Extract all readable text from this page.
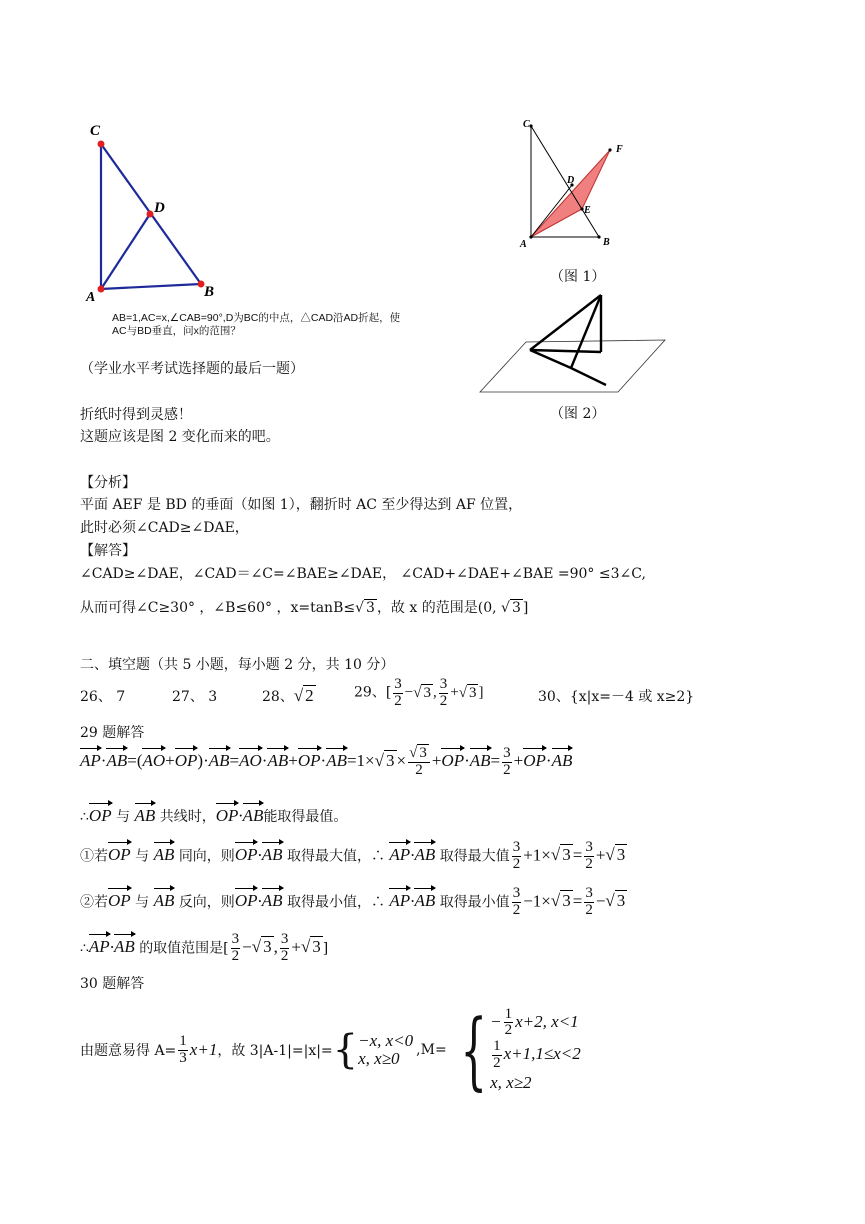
C
D
A	B
AB=1,AC=x,∠CAB=90°,D为BC的中点，△CAD沿AD折起，使
AC与BD垂直，问x的范围？
C
F
D
E
A	B
（图 1）
（图 2）
（学业水平考试选择题的最后一题）
折纸时得到灵感！
这题应该是图 2 变化而来的吧。
【分析】
平面 AEF 是 BD 的垂面（如图 1），翻折时 AC 至少得达到 AF 位置，
此时必须∠CAD≥∠DAE，
【解答】
∠CAD≥∠DAE，∠CAD＝∠C=∠BAE≥∠DAE， ∠CAD+∠DAE+∠BAE =90° ≤3∠C,
从而可得∠C≥30° ，∠B≤60° ，x=tanB≤√ 3 ，故 x 的范围是(0, √ 3 ]
二、填空题（共 5 小题，每小题 2 分，共 10 分）
26、 7	27、 3	28、√ 2	29、[ $\frac{3}{2}$ −√ 3 , $\frac{3}{2}$ +√ 3 ]	30、{x|x=－4 或 x≥2}
29 题解答
AP·AB=(AO+OP)·AB=AO·AB+OP·AB=1×√ $3 \times \frac{√ 3}{2} +OP\cdot AB= \frac{3}{2} +OP\cdot AB$
∴OP 与 AB 共线时，OP·AB能取得最值。
①若OP 与 AB 同向，则OP·AB 取得最大值，∴ AP·AB 取得最大值 $\frac{3}{2} +1\times√$ $3 = \frac{3}{2}$ +√ 3
②若OP 与 AB 反向，则OP·AB 取得最小值，∴ AP·AB 取得最小值 $\frac{3}{2} -1\times√$ $3 = \frac{3}{2}$ −√ 3
∴AP·AB 的取值范围是[ $\frac{3}{2}$ −√ 3 , $\frac{3}{2}$ +√ 3 ]
30 题解答
由题意易得 $A= \frac{1}{3} x+1$ ，故 3|A-1|=|x|= { −x, x<0
x, x≥0	,M= { − $\frac{1}{2} x+2$, x<1
$\frac{1}{2} x+1,1\le x<2$
x, x≥2
